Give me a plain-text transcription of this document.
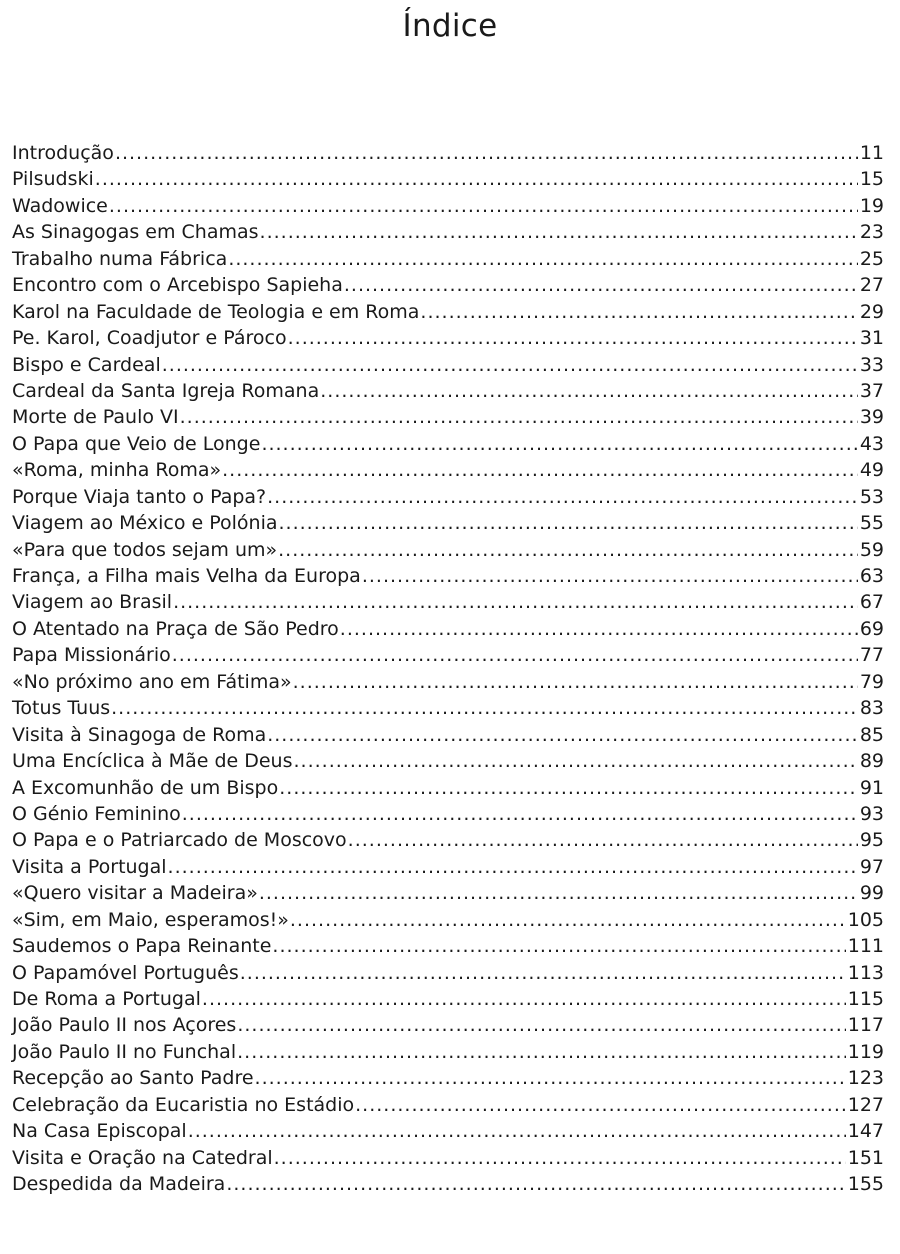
Índice
Introdução .....	11
Pilsudski .....	15
Wadowice .....	19
As Sinagogas em Chamas .....	23
Trabalho numa Fábrica .....	25
Encontro com o Arcebispo Sapieha .....	27
Karol na Faculdade de Teologia e em Roma .....	29
Pe. Karol, Coadjutor e Pároco .....	31
Bispo e Cardeal .....	33
Cardeal da Santa Igreja Romana .....	37
Morte de Paulo VI .....	39
O Papa que Veio de Longe .....	43
«Roma, minha Roma» .....	49
Porque Viaja tanto o Papa? .....	53
Viagem ao México e Polónia .....	55
«Para que todos sejam um» .....	59
França, a Filha mais Velha da Europa .....	63
Viagem ao Brasil .....	67
O Atentado na Praça de São Pedro .....	69
Papa Missionário .....	77
«No próximo ano em Fátima» .....	79
Totus Tuus .....	83
Visita à Sinagoga de Roma .....	85
Uma Encíclica à Mãe de Deus .....	89
A Excomunhão de um Bispo .....	91
O Génio Feminino .....	93
O Papa e o Patriarcado de Moscovo .....	95
Visita a Portugal .....	97
«Quero visitar a Madeira» .....	99
«Sim, em Maio, esperamos!» .....	105
Saudemos o Papa Reinante .....	111
O Papamóvel Português .....	113
De Roma a Portugal .....	115
João Paulo II nos Açores .....	117
João Paulo II no Funchal .....	119
Recepção ao Santo Padre .....	123
Celebração da Eucaristia no Estádio .....	127
Na Casa Episcopal .....	147
Visita e Oração na Catedral .....	151
Despedida da Madeira .....	155
